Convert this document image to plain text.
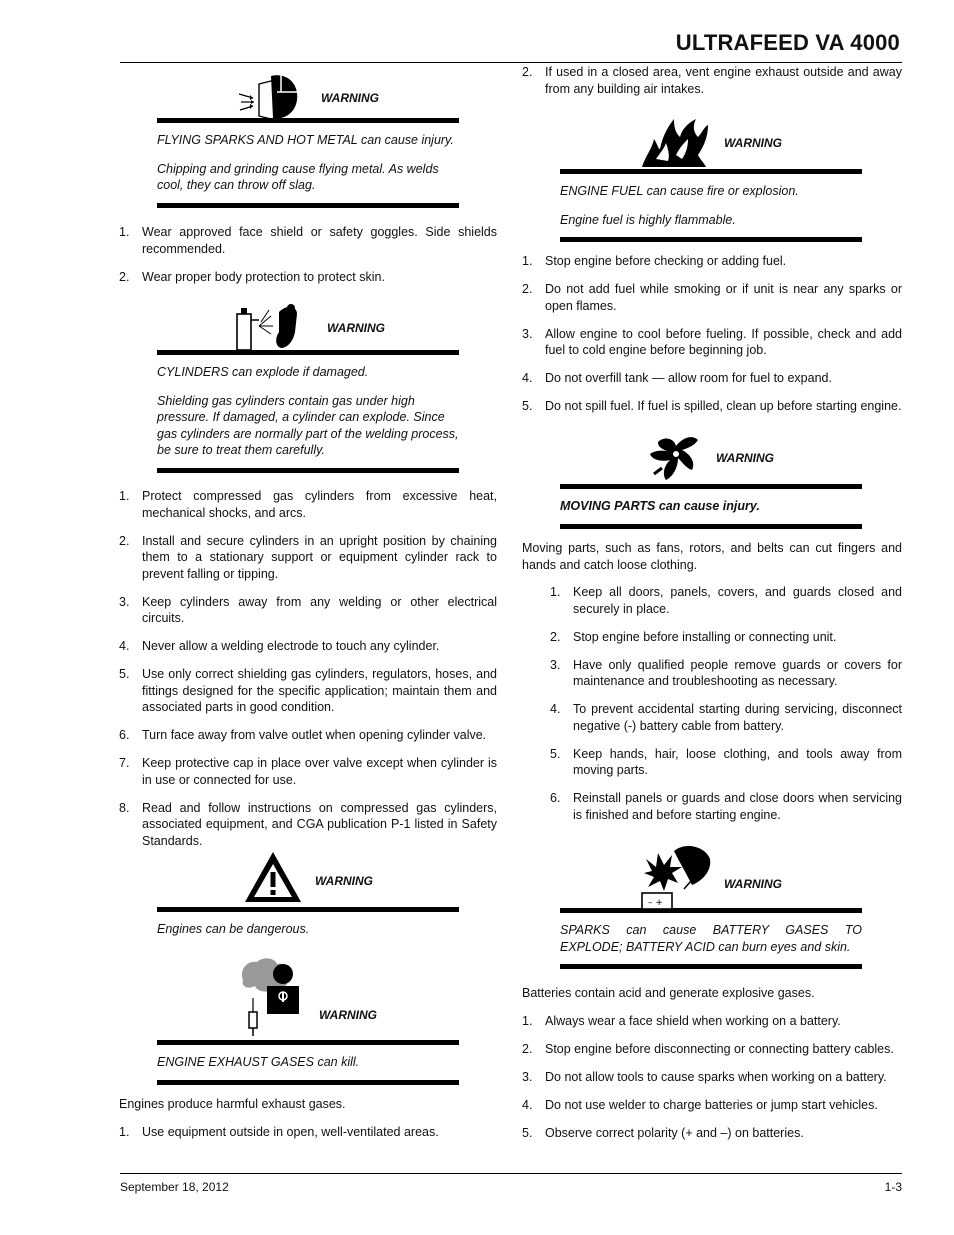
ULTRAFEED VA 4000
September 18, 2012	1-3
WARNING

FLYING SPARKS AND HOT METAL can cause injury.

Chipping and grinding cause flying metal. As welds cool, they can throw off slag.

1. Wear approved face shield or safety goggles. Side shields recommended.
2. Wear proper body protection to protect skin.
WARNING

CYLINDERS can explode if damaged.

Shielding gas cylinders contain gas under high pressure. If damaged, a cylinder can explode. Since gas cylinders are normally part of the welding process, be sure to treat them carefully.

1. Protect compressed gas cylinders from excessive heat, mechanical shocks, and arcs.
2. Install and secure cylinders in an upright position by chaining them to a stationary support or equipment cylinder rack to prevent falling or tipping.
3. Keep cylinders away from any welding or other electrical circuits.
4. Never allow a welding electrode to touch any cylinder.
5. Use only correct shielding gas cylinders, regulators, hoses, and fittings designed for the specific application; maintain them and associated parts in good condition.
6. Turn face away from valve outlet when opening cylinder valve.
7. Keep protective cap in place over valve except when cylinder is in use or connected for use.
8. Read and follow instructions on compressed gas cylinders, associated equipment, and CGA publication P-1 listed in Safety Standards.
WARNING

Engines can be dangerous.

WARNING

ENGINE EXHAUST GASES can kill.

Engines produce harmful exhaust gases.

1. Use equipment outside in open, well-ventilated areas.
2. If used in a closed area, vent engine exhaust outside and away from any building air intakes.
WARNING

ENGINE FUEL can cause fire or explosion.

Engine fuel is highly flammable.

1. Stop engine before checking or adding fuel.
2. Do not add fuel while smoking or if unit is near any sparks or open flames.
3. Allow engine to cool before fueling. If possible, check and add fuel to cold engine before beginning job.
4. Do not overfill tank — allow room for fuel to expand.
5. Do not spill fuel. If fuel is spilled, clean up before starting engine.
WARNING

MOVING PARTS can cause injury.

Moving parts, such as fans, rotors, and belts can cut fingers and hands and catch loose clothing.

1. Keep all doors, panels, covers, and guards closed and securely in place.
2. Stop engine before installing or connecting unit.
3. Have only qualified people remove guards or covers for maintenance and troubleshooting as necessary.
4. To prevent accidental starting during servicing, disconnect negative (-) battery cable from battery.
5. Keep hands, hair, loose clothing, and tools away from moving parts.
6. Reinstall panels or guards and close doors when servicing is finished and before starting engine.
– +
WARNING

SPARKS can cause BATTERY GASES TO EXPLODE; BATTERY ACID can burn eyes and skin.

Batteries contain acid and generate explosive gases.

1. Always wear a face shield when working on a battery.
2. Stop engine before disconnecting or connecting battery cables.
3. Do not allow tools to cause sparks when working on a battery.
4. Do not use welder to charge batteries or jump start vehicles.
5. Observe correct polarity (+ and –) on batteries.
